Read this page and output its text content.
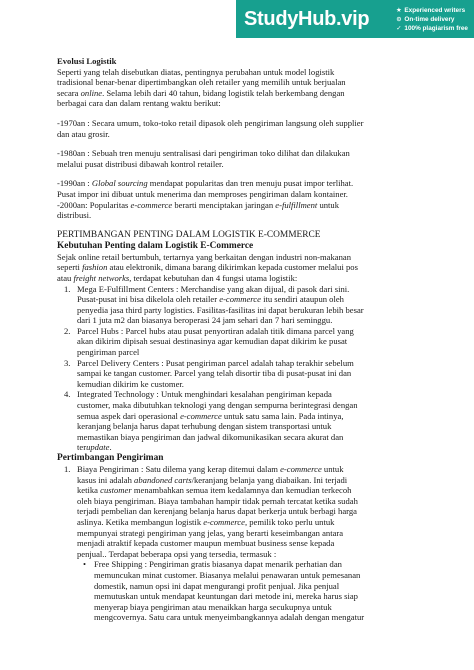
StudyHub.vip	★ Experienced writers
⊙ On-time delivery
✓ 100% plagiarism free

Evolusi Logistik

Seperti yang telah disebutkan diatas, pentingnya perubahan untuk model logistik
tradisional benar-benar dipertimbangkan oleh retailer yang memilih untuk berjualan
secara online. Selama lebih dari 40 tahun, bidang logistik telah berkembang dengan
berbagai cara dan dalam rentang waktu berikut:

-1970an : Secara umum, toko-toko retail dipasok oleh pengiriman langsung oleh supplier
dan atau grosir.

-1980an : Sebuah tren menuju sentralisasi dari pengiriman toko dilihat dan dilakukan
melalui pusat distribusi dibawah kontrol retailer.

-1990an : Global sourcing mendapat popularitas dan tren menuju pusat impor terlihat.
Pusat impor ini dibuat untuk menerima dan memproses pengiriman dalam kontainer.

-2000an: Popularitas e-commerce berarti menciptakan jaringan e-fulfillment untuk
distribusi.

PERTIMBANGAN PENTING DALAM LOGISTIK E-COMMERCE

Kebutuhan Penting dalam Logistik E-Commerce

Sejak online retail bertumbuh, tertarnya yang berkaitan dengan industri non-makanan
seperti fashion atau elektronik, dimana barang dikirimkan kepada customer melalui pos
atau freight networks, terdapat kebutuhan dan 4 fungsi utama logistik:

1. Mega E-Fulfillment Centers : Merchandise yang akan dijual, di pasok dari sini.
Pusat-pusat ini bisa dikelola oleh retailer e-commerce itu sendiri ataupun oleh
penyedia jasa third party logistics. Fasilitas-fasilitas ini dapat berukuran lebih besar
dari 1 juta m2 dan biasanya beroperasi 24 jam sehari dan 7 hari seminggu.
2. Parcel Hubs : Parcel hubs atau pusat penyortiran adalah titik dimana parcel yang
akan dikirim dipisah sesuai destinasinya agar kemudian dapat dikirim ke pusat
pengiriman parcel
3. Parcel Delivery Centers : Pusat pengiriman parcel adalah tahap terakhir sebelum
sampai ke tangan customer. Parcel yang telah disortir tiba di pusat-pusat ini dan
kemudian dikirim ke customer.
4. Integrated Technology : Untuk menghindari kesalahan pengiriman kepada
customer, maka dibutuhkan teknologi yang dengan sempurna berintegrasi dengan
semua aspek dari operasional e-commerce untuk satu sama lain. Pada intinya,
keranjang belanja harus dapat terhubung dengan sistem transportasi untuk
memastikan biaya pengiriman dan jadwal dikomunikasikan secara akurat dan
terupdate.

Pertimbangan Pengiriman

1. Biaya Pengiriman : Satu dilema yang kerap ditemui dalam e-commerce untuk
kasus ini adalah abandoned carts/keranjang belanja yang diabaikan. Ini terjadi
ketika customer menambahkan semua item kedalamnya dan kemudian terkecoh
oleh biaya pengiriman. Biaya tambahan hampir tidak pernah tercatat ketika sudah
terjadi pembelian dan kerenjang belanja harus dapat berkerja untuk berbagi harga
aslinya. Ketika membangun logistik e-commerce, pemilik toko perlu untuk
mempunyai strategi pengiriman yang jelas, yang berarti keseimbangan antara
menjadi atraktif kepada customer maupun membuat business sense kepada
penjual.. Terdapat beberapa opsi yang tersedia, termasuk :
• Free Shipping : Pengiriman gratis biasanya dapat menarik perhatian dan
memuncukan minat customer. Biasanya melalui penawaran untuk pemesanan
domestik, namun opsi ini dapat mengurangi profit penjual. Jika penjual
memutuskan untuk mendapat keuntungan dari metode ini, mereka harus siap
menyerap biaya pengiriman atau menaikkan harga secukupnya untuk
mengcovernya. Satu cara untuk menyeimbangkannya adalah dengan mengatur
